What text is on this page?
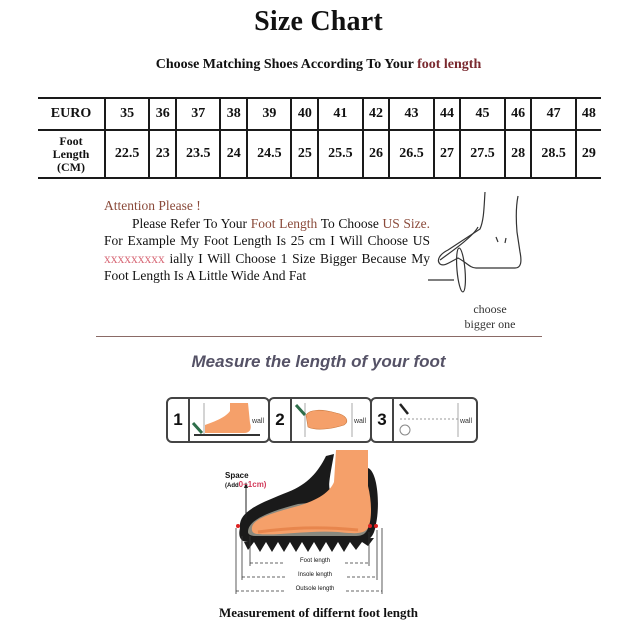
Size Chart
Choose Matching Shoes According To Your foot length
EURO	35	36	37	38	39	40	41	42	43	44	45	46	47	48

Foot
Length
(CM)	22.5	23	23.5	24	24.5	25	25.5	26	26.5	27	27.5	28	28.5	29
Attention Please !
Please Refer To Your Foot Length To Choose US Size. For Example My Foot Length Is 25 cm I Will Choose US xxxxxxxxx ially I Will Choose 1 Size Bigger Because My Foot Length Is A Little Wide And Fat
choose
bigger one
Measure the length of your foot
1	wall 2	wall 3	wall
Space
(Add0~1cm)
Foot length
Insole length
Outsole length
Measurement of differnt foot length
